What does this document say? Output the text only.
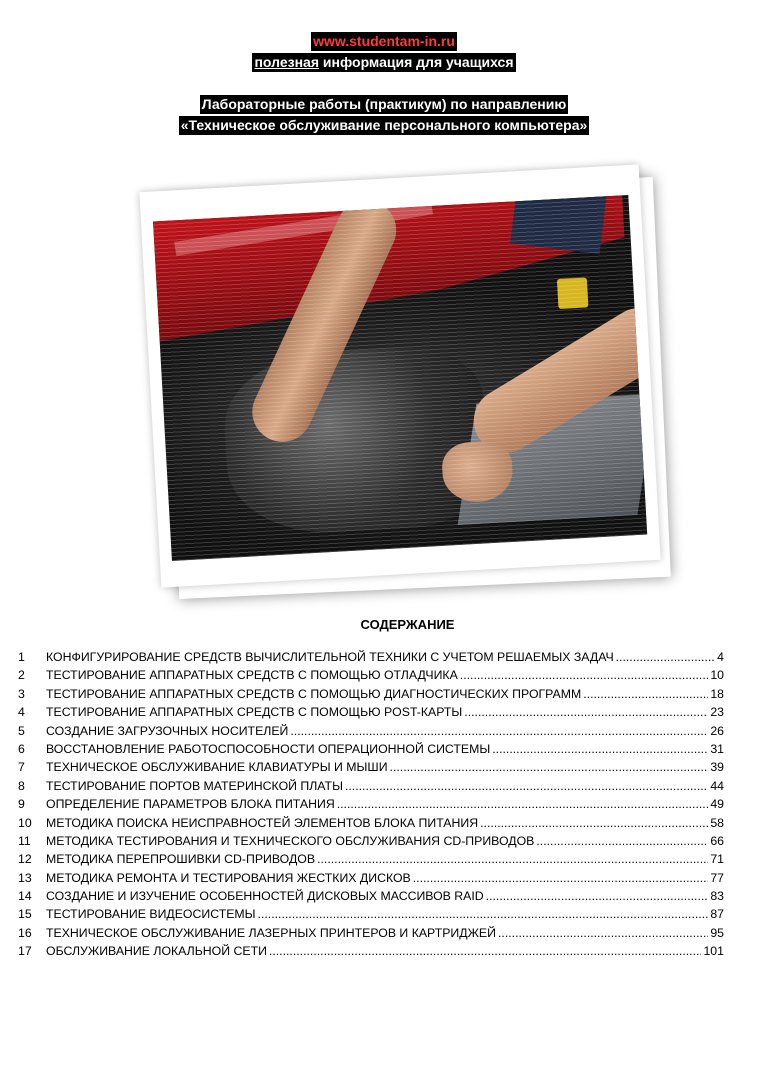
www.studentam-in.ru
полезная информация для учащихся
Лабораторные работы (практикум) по направлению
«Техническое обслуживание персонального компьютера»
СОДЕРЖАНИЕ
1	КОНФИГУРИРОВАНИЕ СРЕДСТВ ВЫЧИСЛИТЕЛЬНОЙ ТЕХНИКИ С УЧЕТОМ РЕШАЕМЫХ ЗАДАЧ .....	4
2	ТЕСТИРОВАНИЕ АППАРАТНЫХ СРЕДСТВ С ПОМОЩЬЮ ОТЛАДЧИКА .....	10
3	ТЕСТИРОВАНИЕ АППАРАТНЫХ СРЕДСТВ С ПОМОЩЬЮ ДИАГНОСТИЧЕСКИХ ПРОГРАММ .....	18
4	ТЕСТИРОВАНИЕ АППАРАТНЫХ СРЕДСТВ С ПОМОЩЬЮ POST-КАРТЫ .....	23
5	СОЗДАНИЕ ЗАГРУЗОЧНЫХ НОСИТЕЛЕЙ .....	26
6	ВОССТАНОВЛЕНИЕ РАБОТОСПОСОБНОСТИ ОПЕРАЦИОННОЙ СИСТЕМЫ .....	31
7	ТЕХНИЧЕСКОЕ ОБСЛУЖИВАНИЕ КЛАВИАТУРЫ И МЫШИ .....	39
8	ТЕСТИРОВАНИЕ ПОРТОВ МАТЕРИНСКОЙ ПЛАТЫ .....	44
9	ОПРЕДЕЛЕНИЕ ПАРАМЕТРОВ БЛОКА ПИТАНИЯ .....	49
10	МЕТОДИКА ПОИСКА НЕИСПРАВНОСТЕЙ ЭЛЕМЕНТОВ БЛОКА ПИТАНИЯ .....	58
11	МЕТОДИКА ТЕСТИРОВАНИЯ И ТЕХНИЧЕСКОГО ОБСЛУЖИВАНИЯ CD-ПРИВОДОВ .....	66
12	МЕТОДИКА ПЕРЕПРОШИВКИ CD-ПРИВОДОВ .....	71
13	МЕТОДИКА РЕМОНТА И ТЕСТИРОВАНИЯ ЖЕСТКИХ ДИСКОВ .....	77
14	СОЗДАНИЕ И ИЗУЧЕНИЕ ОСОБЕННОСТЕЙ ДИСКОВЫХ МАССИВОВ RAID .....	83
15	ТЕСТИРОВАНИЕ ВИДЕОСИСТЕМЫ .....	87
16	ТЕХНИЧЕСКОЕ ОБСЛУЖИВАНИЕ ЛАЗЕРНЫХ ПРИНТЕРОВ И КАРТРИДЖЕЙ .....	95
17	ОБСЛУЖИВАНИЕ ЛОКАЛЬНОЙ СЕТИ .....	101
